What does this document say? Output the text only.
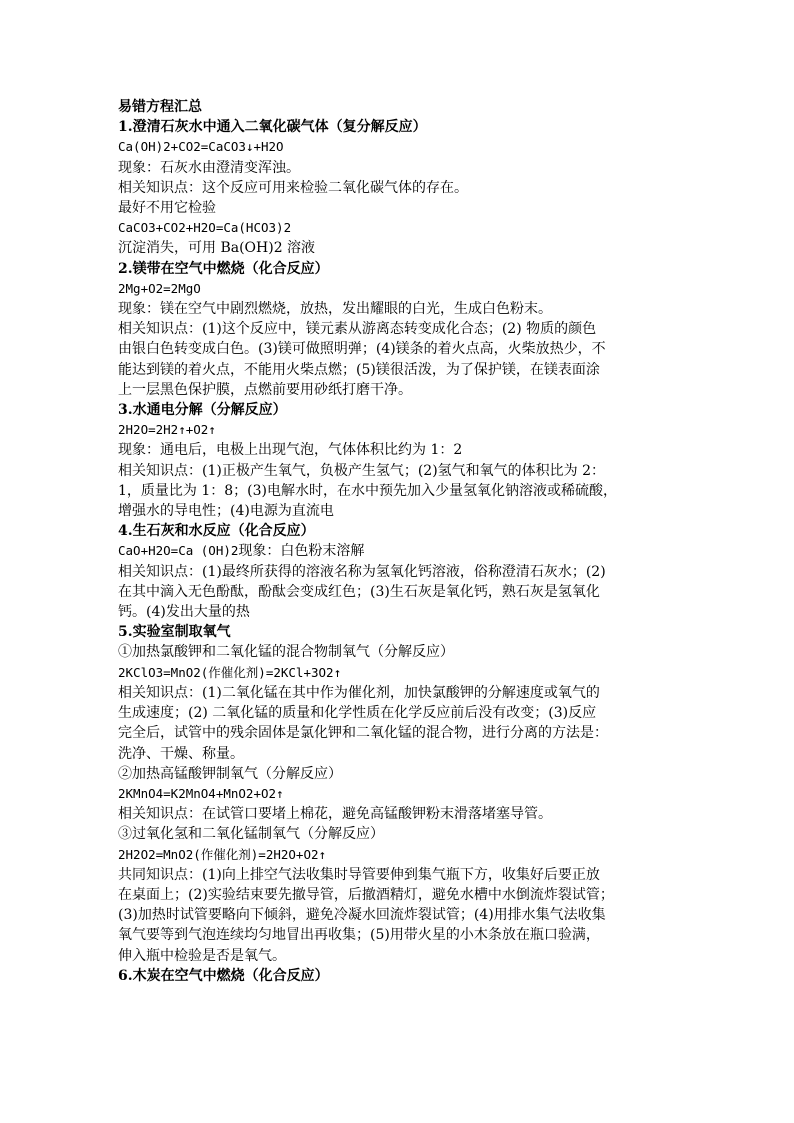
易错方程汇总
1.澄清石灰水中通入二氧化碳气体（复分解反应）
Ca(OH)2+CO2=CaCO3↓+H2O
现象：石灰水由澄清变浑浊。
相关知识点：这个反应可用来检验二氧化碳气体的存在。
最好不用它检验
CaCO3+CO2+H2O=Ca(HCO3)2
沉淀消失，可用 Ba(OH)2 溶液
2.镁带在空气中燃烧（化合反应）
2Mg+O2=2MgO
现象：镁在空气中剧烈燃烧，放热，发出耀眼的白光，生成白色粉末。
相关知识点：(1)这个反应中，镁元素从游离态转变成化合态；(2) 物质的颜色
由银白色转变成白色。(3)镁可做照明弹；(4)镁条的着火点高，火柴放热少，不
能达到镁的着火点，不能用火柴点燃；(5)镁很活泼，为了保护镁，在镁表面涂
上一层黑色保护膜，点燃前要用砂纸打磨干净。
3.水通电分解（分解反应）
2H2O=2H2↑+O2↑
现象：通电后，电极上出现气泡，气体体积比约为 1：2
相关知识点：(1)正极产生氧气，负极产生氢气；(2)氢气和氧气的体积比为 2：
1，质量比为 1：8；(3)电解水时，在水中预先加入少量氢氧化钠溶液或稀硫酸，
增强水的导电性；(4)电源为直流电
4.生石灰和水反应（化合反应）
CaO+H2O=Ca (OH)2现象：白色粉末溶解
相关知识点：(1)最终所获得的溶液名称为氢氧化钙溶液，俗称澄清石灰水；(2)
在其中滴入无色酚酞，酚酞会变成红色；(3)生石灰是氧化钙，熟石灰是氢氧化
钙。(4)发出大量的热
5.实验室制取氧气
①加热氯酸钾和二氧化锰的混合物制氧气（分解反应）
2KClO3=MnO2(作催化剂)=2KCl+3O2↑
相关知识点：(1)二氧化锰在其中作为催化剂，加快氯酸钾的分解速度或氧气的
生成速度；(2) 二氧化锰的质量和化学性质在化学反应前后没有改变；(3)反应
完全后，试管中的残余固体是氯化钾和二氧化锰的混合物，进行分离的方法是：
洗净、干燥、称量。
②加热高锰酸钾制氧气（分解反应）
2KMnO4=K2MnO4+MnO2+O2↑
相关知识点：在试管口要堵上棉花，避免高锰酸钾粉末滑落堵塞导管。
③过氧化氢和二氧化锰制氧气（分解反应）
2H2O2=MnO2(作催化剂)=2H2O+O2↑
共同知识点：(1)向上排空气法收集时导管要伸到集气瓶下方，收集好后要正放
在桌面上；(2)实验结束要先撤导管，后撤酒精灯，避免水槽中水倒流炸裂试管；
(3)加热时试管要略向下倾斜，避免冷凝水回流炸裂试管；(4)用排水集气法收集
氧气要等到气泡连续均匀地冒出再收集；(5)用带火星的小木条放在瓶口验满，
伸入瓶中检验是否是氧气。
6.木炭在空气中燃烧（化合反应）
